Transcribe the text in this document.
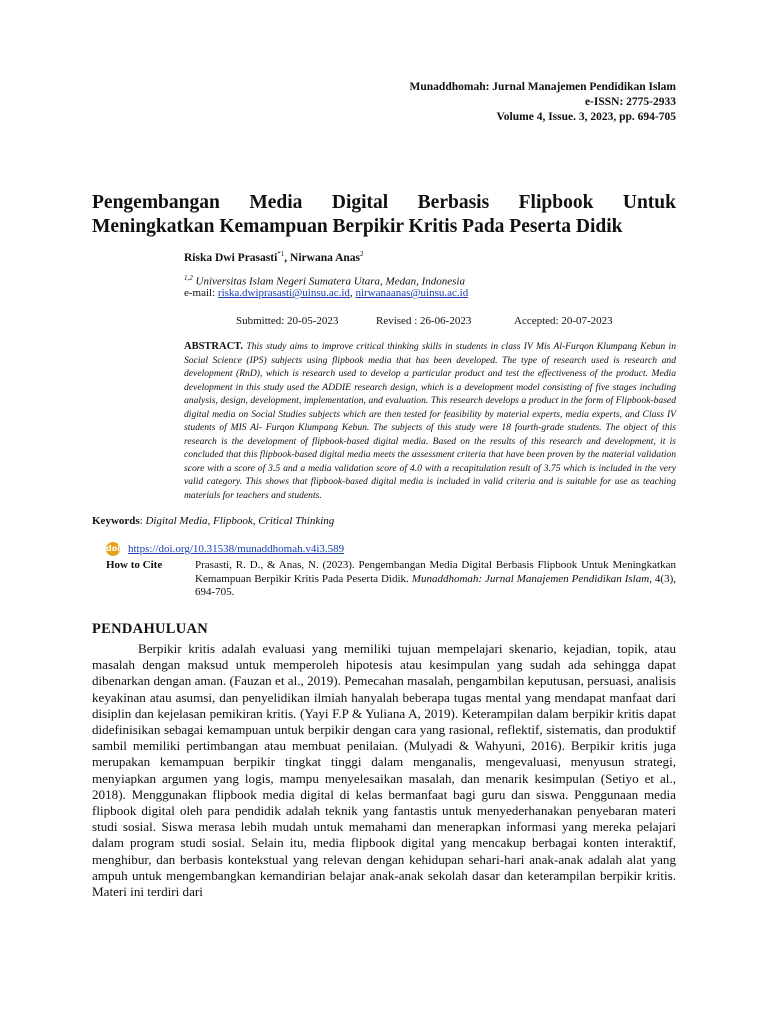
Munaddhomah: Jurnal Manajemen Pendidikan Islam
e-ISSN: 2775-2933
Volume 4, Issue. 3, 2023, pp. 694-705
Pengembangan Media Digital Berbasis Flipbook Untuk Meningkatkan Kemampuan Berpikir Kritis Pada Peserta Didik
Riska Dwi Prasasti$^{*1}$, Nirwana Anas$^2$
$^{1,2}$ Universitas Islam Negeri Sumatera Utara, Medan, Indonesia
e-mail: riska.dwiprasasti@uinsu.ac.id, nirwanaanas@uinsu.ac.id
Submitted: 20-05-2023	Revised : 26-06-2023	Accepted: 20-07-2023
ABSTRACT. This study aims to improve critical thinking skills in students in class IV Mis Al-Furqon Klumpang Kebun in Social Science (IPS) subjects using flipbook media that has been developed. The type of research used is research and development (RnD), which is research used to develop a particular product and test the effectiveness of the product. Media development in this study used the ADDIE research design, which is a development model consisting of five stages including analysis, design, development, implementation, and evaluation. This research develops a product in the form of Flipbook-based digital media on Social Studies subjects which are then tested for feasibility by material experts, media experts, and Class IV students of MIS Al- Furqon Klumpang Kebun. The subjects of this study were 18 fourth-grade students. The object of this research is the development of flipbook-based digital media. Based on the results of this research and development, it is concluded that this flipbook-based digital media meets the assessment criteria that have been proven by the material validation score with a score of 3.5 and a media validation score of 4.0 with a recapitulation result of 3.75 which is included in the very valid category. This shows that flipbook-based digital media is included in valid criteria and is suitable for use as teaching materials for teachers and students.
Keywords: Digital Media, Flipbook, Critical Thinking
doi https://doi.org/10.31538/munaddhomah.v4i3.589
How to Cite	Prasasti, R. D., & Anas, N. (2023). Pengembangan Media Digital Berbasis Flipbook Untuk Meningkatkan Kemampuan Berpikir Kritis Pada Peserta Didik. Munaddhomah: Jurnal Manajemen Pendidikan Islam, 4(3), 694-705.
PENDAHULUAN

Berpikir kritis adalah evaluasi yang memiliki tujuan mempelajari skenario, kejadian, topik, atau masalah dengan maksud untuk memperoleh hipotesis atau kesimpulan yang sudah ada sehingga dapat dibenarkan dengan aman. (Fauzan et al., 2019). Pemecahan masalah, pengambilan keputusan, persuasi, analisis keyakinan atau asumsi, dan penyelidikan ilmiah hanyalah beberapa tugas mental yang mendapat manfaat dari disiplin dan kejelasan pemikiran kritis. (Yayi F.P & Yuliana A, 2019). Keterampilan dalam berpikir kritis dapat didefinisikan sebagai kemampuan untuk berpikir dengan cara yang rasional, reflektif, sistematis, dan produktif sambil memiliki pertimbangan atau membuat penilaian. (Mulyadi & Wahyuni, 2016). Berpikir kritis juga merupakan kemampuan berpikir tingkat tinggi dalam menganalis, mengevaluasi, menyusun strategi, menyiapkan argumen yang logis, mampu menyelesaikan masalah, dan menarik kesimpulan (Setiyo et al., 2018). Menggunakan flipbook media digital di kelas bermanfaat bagi guru dan siswa. Penggunaan media flipbook digital oleh para pendidik adalah teknik yang fantastis untuk menyederhanakan penyebaran materi studi sosial. Siswa merasa lebih mudah untuk memahami dan menerapkan informasi yang mereka pelajari dalam program studi sosial. Selain itu, media flipbook digital yang mencakup berbagai konten interaktif, menghibur, dan berbasis kontekstual yang relevan dengan kehidupan sehari-hari anak-anak adalah alat yang ampuh untuk mengembangkan kemandirian belajar anak-anak sekolah dasar dan keterampilan berpikir kritis. Materi ini terdiri dari
